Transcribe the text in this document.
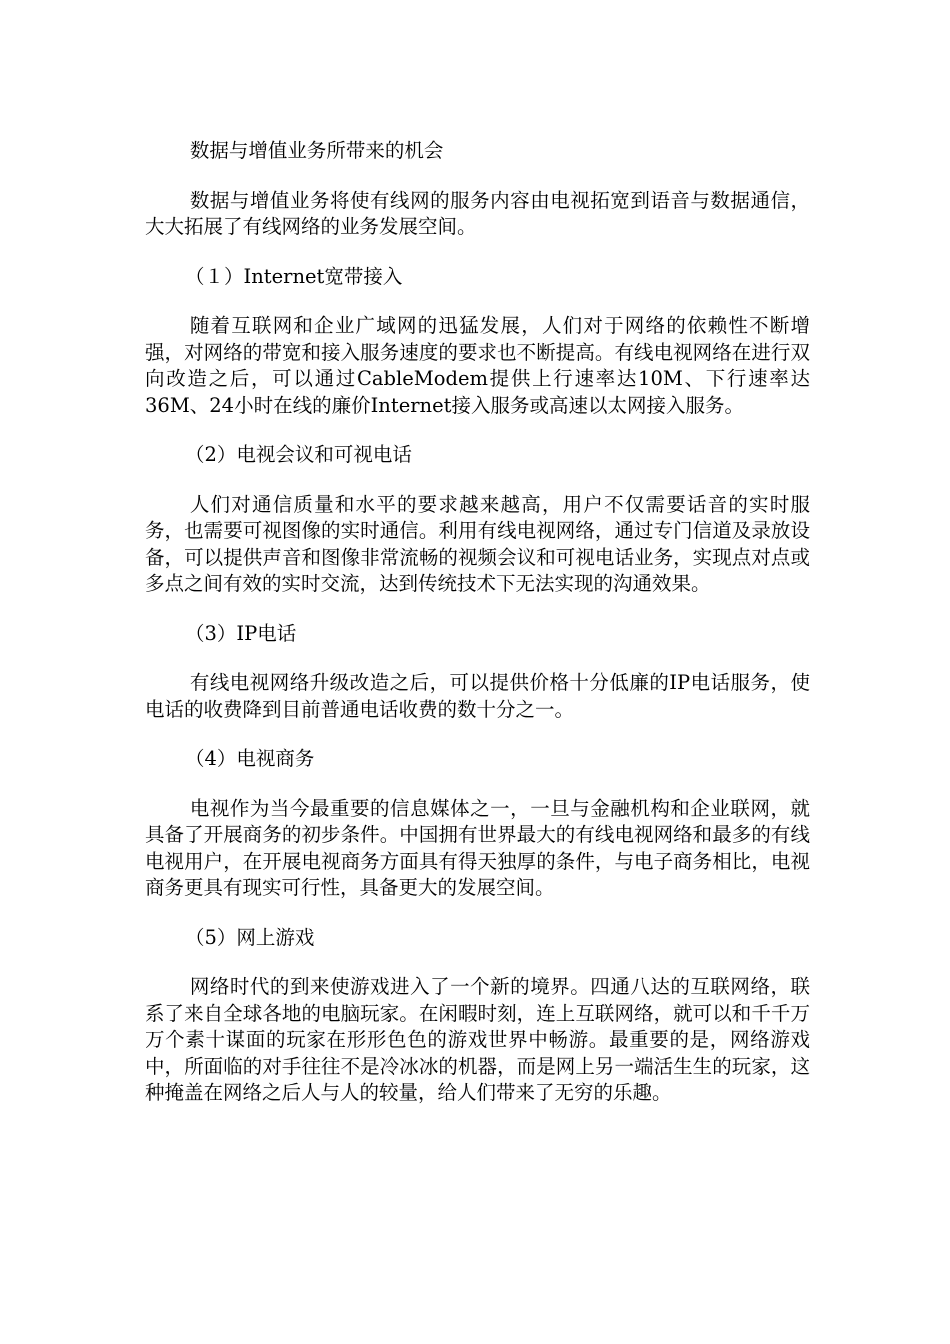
数据与增值业务所带来的机会

数据与增值业务将使有线网的服务内容由电视拓宽到语音与数据通信，大大拓展了有线网络的业务发展空间。

（１）Internet宽带接入

随着互联网和企业广域网的迅猛发展，人们对于网络的依赖性不断增强，对网络的带宽和接入服务速度的要求也不断提高。有线电视网络在进行双向改造之后，可以通过CableModem提供上行速率达10M、下行速率达36M、24小时在线的廉价Internet接入服务或高速以太网接入服务。

（2）电视会议和可视电话

人们对通信质量和水平的要求越来越高，用户不仅需要话音的实时服务，也需要可视图像的实时通信。利用有线电视网络，通过专门信道及录放设备，可以提供声音和图像非常流畅的视频会议和可视电话业务，实现点对点或多点之间有效的实时交流，达到传统技术下无法实现的沟通效果。

（3）IP电话

有线电视网络升级改造之后，可以提供价格十分低廉的IP电话服务，使电话的收费降到目前普通电话收费的数十分之一。

（4）电视商务

电视作为当今最重要的信息媒体之一，一旦与金融机构和企业联网，就具备了开展商务的初步条件。中国拥有世界最大的有线电视网络和最多的有线电视用户，在开展电视商务方面具有得天独厚的条件，与电子商务相比，电视商务更具有现实可行性，具备更大的发展空间。

（5）网上游戏

网络时代的到来使游戏进入了一个新的境界。四通八达的互联网络，联系了来自全球各地的电脑玩家。在闲暇时刻，连上互联网络，就可以和千千万万个素十谋面的玩家在形形色色的游戏世界中畅游。最重要的是，网络游戏中，所面临的对手往往不是冷冰冰的机器，而是网上另一端活生生的玩家，这种掩盖在网络之后人与人的较量，给人们带来了无穷的乐趣。
